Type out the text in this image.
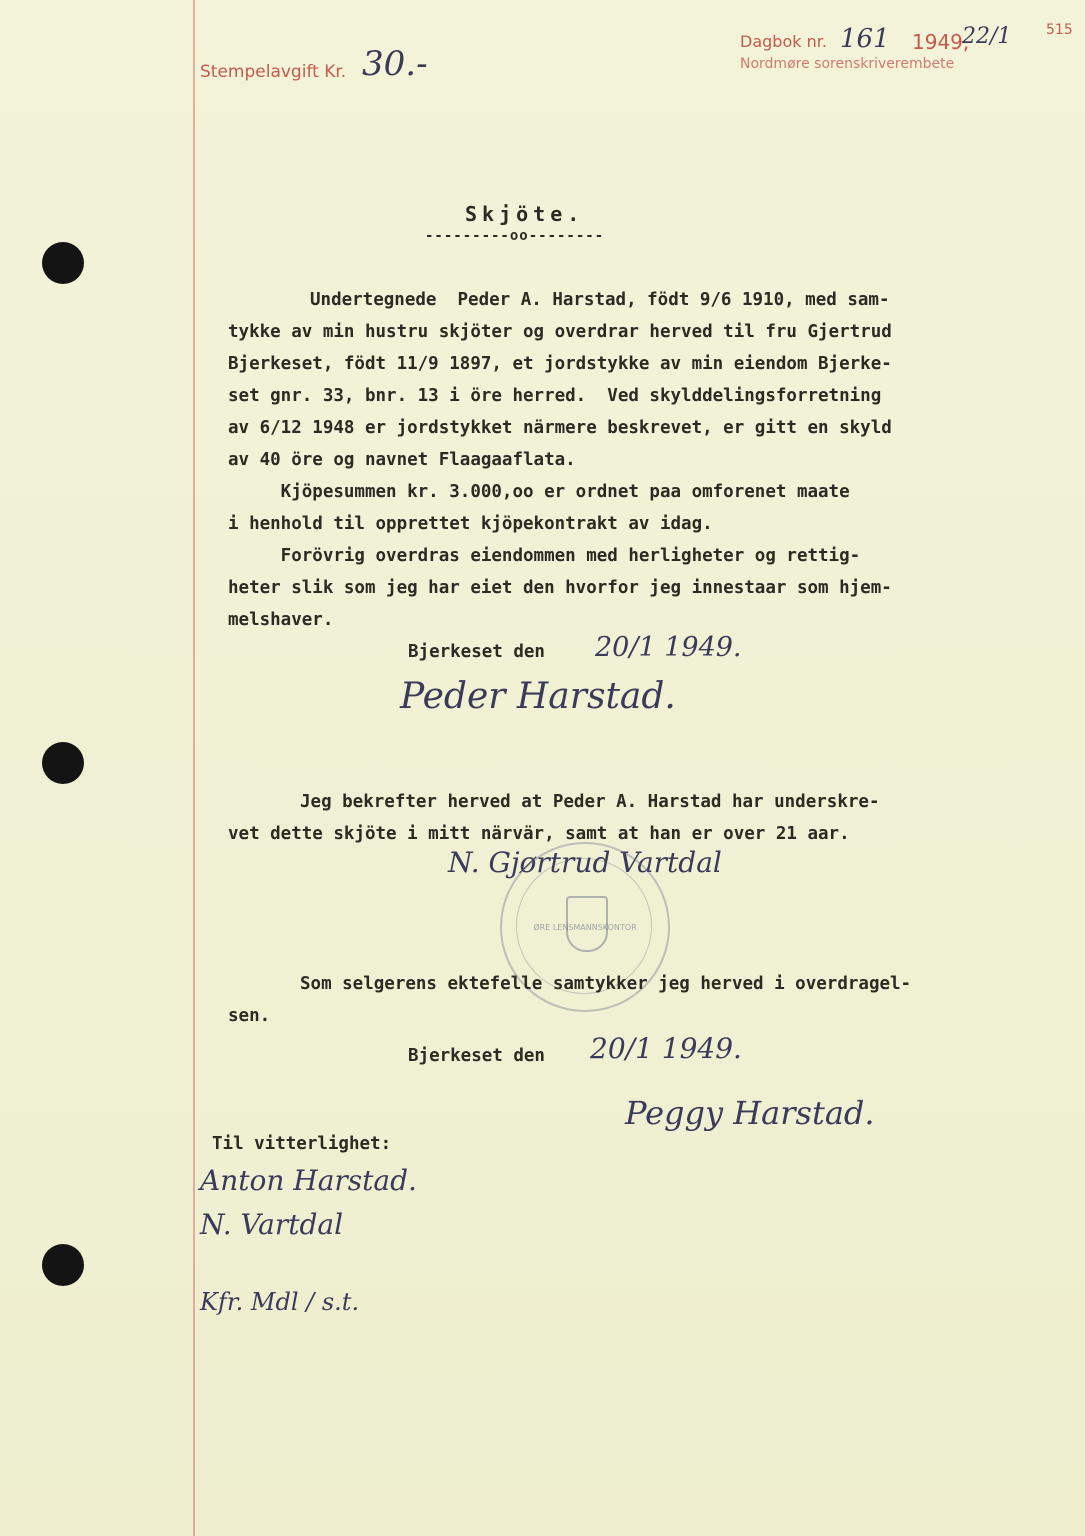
Stempelavgift Kr. 30.-
Dagbok nr. 161 1949,
22/1 515
Nordmøre sorenskriverembete
Skjöte.
---------oo--------
Undertegnede  Peder A. Harstad, födt 9/6 1910, med sam-
tykke av min hustru skjöter og overdrar herved til fru Gjertrud
Bjerkeset, födt 11/9 1897, et jordstykke av min eiendom Bjerke-
set gnr. 33, bnr. 13 i öre herred.  Ved skylddelingsforretning
av 6/12 1948 er jordstykket närmere beskrevet, er gitt en skyld
av 40 öre og navnet Flaagaaflata.
Kjöpesummen kr. 3.000,oo er ordnet paa omforenet maate
i henhold til opprettet kjöpekontrakt av idag.
Forövrig overdras eiendommen med herligheter og rettig-
heter slik som jeg har eiet den hvorfor jeg innestaar som hjem-
melshaver.
Bjerkeset den 20/1 1949.
Peder Harstad.
Jeg bekrefter herved at Peder A. Harstad har underskre-
vet dette skjöte i mitt närvär, samt at han er over 21 aar.
N. Gjørtrud Vartdal
ØRE LENSMANNSKONTOR
Som selgerens ektefelle samtykker jeg herved i overdragel-
sen.
Bjerkeset den 20/1 1949.
Peggy Harstad.
Til vitterlighet:
Anton Harstad.
N. Vartdal
Kfr. Mdl / s.t.
